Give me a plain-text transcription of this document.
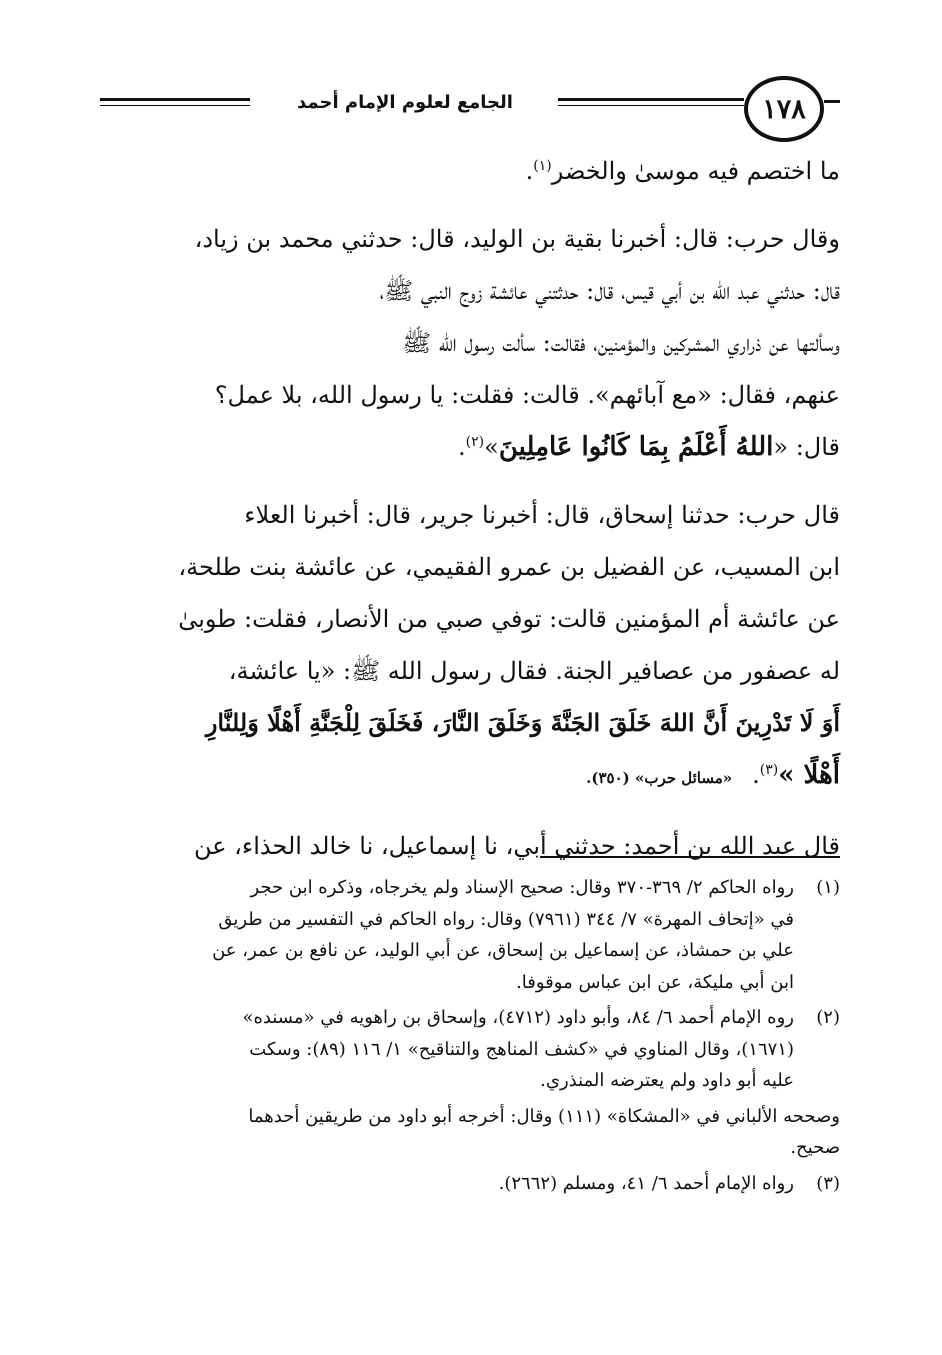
الجامع لعلوم الإمام أحمد	١٧٨

ما اختصم فيه موسىٰ والخضر$^{(١)}$.

وقال حرب: قال: أخبرنا بقية بن الوليد، قال: حدثني محمد بن زياد،
قال: حدثني عبد الله بن أبي قيس، قال: حدثتني عائشة زوج النبي ﷺ،
وسألتها عن ذراري المشركين والمؤمنين، فقالت: سألت رسول الله ﷺ
عنهم، فقال: «مع آبائهم». قالت: فقلت: يا رسول الله، بلا عمل؟
قال: «اللهُ أَعْلَمُ بِمَا كَانُوا عَامِلِينَ»$^{(٢)}$.

قال حرب: حدثنا إسحاق، قال: أخبرنا جرير، قال: أخبرنا العلاء
ابن المسيب، عن الفضيل بن عمرو الفقيمي، عن عائشة بنت طلحة،
عن عائشة أم المؤمنين قالت: توفي صبي من الأنصار، فقلت: طوبىٰ
له عصفور من عصافير الجنة. فقال رسول الله ﷺ: «يا عائشة،
أَوَ لَا تَدْرِينَ أَنَّ اللهَ خَلَقَ الجَنَّةَ وَخَلَقَ النَّارَ، فَخَلَقَ لِلْجَنَّةِ أَهْلًا وَلِلنَّارِ
أَهْلًا »$^{(٣)}$.«مسائل حرب» (٣٥٠).

قال عبد الله بن أحمد: حدثني أبي، نا إسماعيل، نا خالد الحذاء، عن

(١)
رواه الحاكم ٢/ ٣٦٩-٣٧٠ وقال: صحيح الإسناد ولم يخرجاه، وذكره ابن حجر
في «إتحاف المهرة» ٧/ ٣٤٤ (٧٩٦١) وقال: رواه الحاكم في التفسير من طريق
علي بن حمشاذ، عن إسماعيل بن إسحاق، عن أبي الوليد، عن نافع بن عمر، عن
ابن أبي مليكة، عن ابن عباس موقوفا.
(٢)
روه الإمام أحمد ٦/ ٨٤، وأبو داود (٤٧١٢)، وإسحاق بن راهويه في «مسنده»
(١٦٧١)، وقال المناوي في «كشف المناهج والتناقيح» ١/ ١١٦ (٨٩): وسكت
عليه أبو داود ولم يعترضه المنذري.
وصححه الألباني في «المشكاة» (١١١) وقال: أخرجه أبو داود من طريقين أحدهما
صحيح.
(٣)
رواه الإمام أحمد ٦/ ٤١، ومسلم (٢٦٦٢).
